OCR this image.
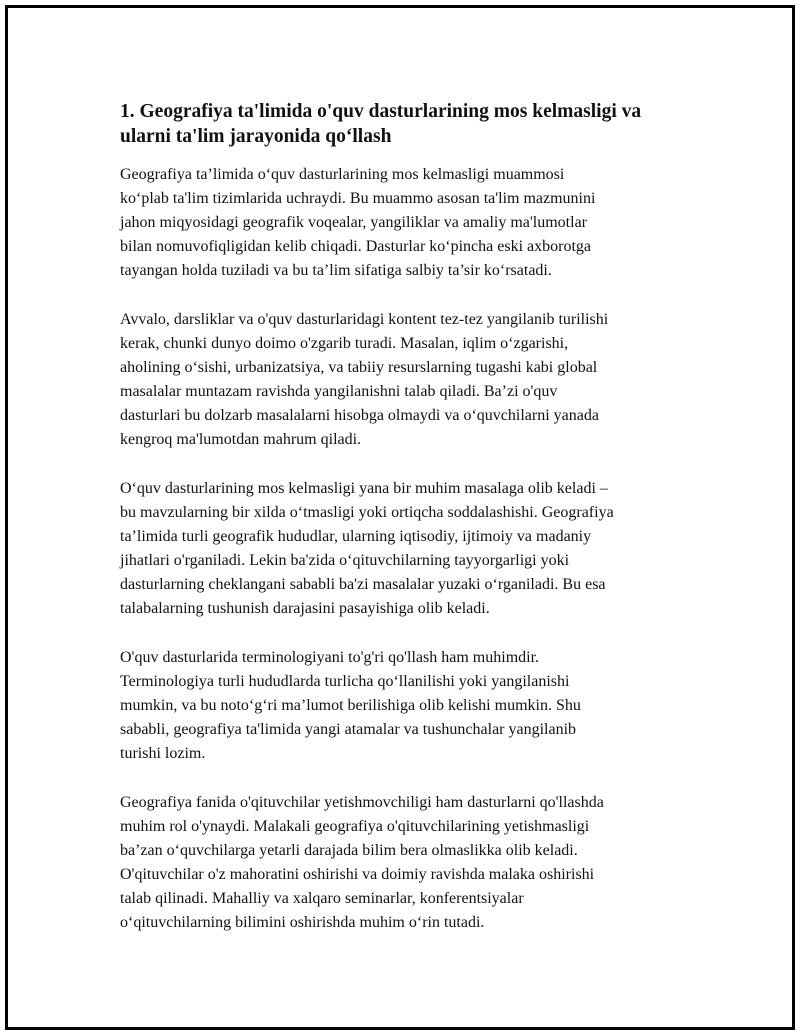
1. Geografiya ta'limida o'quv dasturlarining mos kelmasligi va
ularni ta'lim jarayonida qo‘llash

Geografiya ta’limida o‘quv dasturlarining mos kelmasligi muammosi
ko‘plab ta'lim tizimlarida uchraydi. Bu muammo asosan ta'lim mazmunini
jahon miqyosidagi geografik voqealar, yangiliklar va amaliy ma'lumotlar
bilan nomuvofiqligidan kelib chiqadi. Dasturlar ko‘pincha eski axborotga
tayangan holda tuziladi va bu ta’lim sifatiga salbiy ta’sir ko‘rsatadi.

Avvalo, darsliklar va o'quv dasturlaridagi kontent tez-tez yangilanib turilishi
kerak, chunki dunyo doimo o'zgarib turadi. Masalan, iqlim o‘zgarishi,
aholining o‘sishi, urbanizatsiya, va tabiiy resurslarning tugashi kabi global
masalalar muntazam ravishda yangilanishni talab qiladi. Ba’zi o'quv
dasturlari bu dolzarb masalalarni hisobga olmaydi va o‘quvchilarni yanada
kengroq ma'lumotdan mahrum qiladi.

O‘quv dasturlarining mos kelmasligi yana bir muhim masalaga olib keladi –
bu mavzularning bir xilda o‘tmasligi yoki ortiqcha soddalashishi. Geografiya
ta’limida turli geografik hududlar, ularning iqtisodiy, ijtimoiy va madaniy
jihatlari o'rganiladi. Lekin ba'zida o‘qituvchilarning tayyorgarligi yoki
dasturlarning cheklangani sababli ba'zi masalalar yuzaki o‘rganiladi. Bu esa
talabalarning tushunish darajasini pasayishiga olib keladi.

O'quv dasturlarida terminologiyani to'g'ri qo'llash ham muhimdir.
Terminologiya turli hududlarda turlicha qo‘llanilishi yoki yangilanishi
mumkin, va bu noto‘g‘ri ma’lumot berilishiga olib kelishi mumkin. Shu
sababli, geografiya ta'limida yangi atamalar va tushunchalar yangilanib
turishi lozim.

Geografiya fanida o'qituvchilar yetishmovchiligi ham dasturlarni qo'llashda
muhim rol o'ynaydi. Malakali geografiya o'qituvchilarining yetishmasligi
ba’zan o‘quvchilarga yetarli darajada bilim bera olmaslikka olib keladi.
O'qituvchilar o'z mahoratini oshirishi va doimiy ravishda malaka oshirishi
talab qilinadi. Mahalliy va xalqaro seminarlar, konferentsiyalar
o‘qituvchilarning bilimini oshirishda muhim o‘rin tutadi.
